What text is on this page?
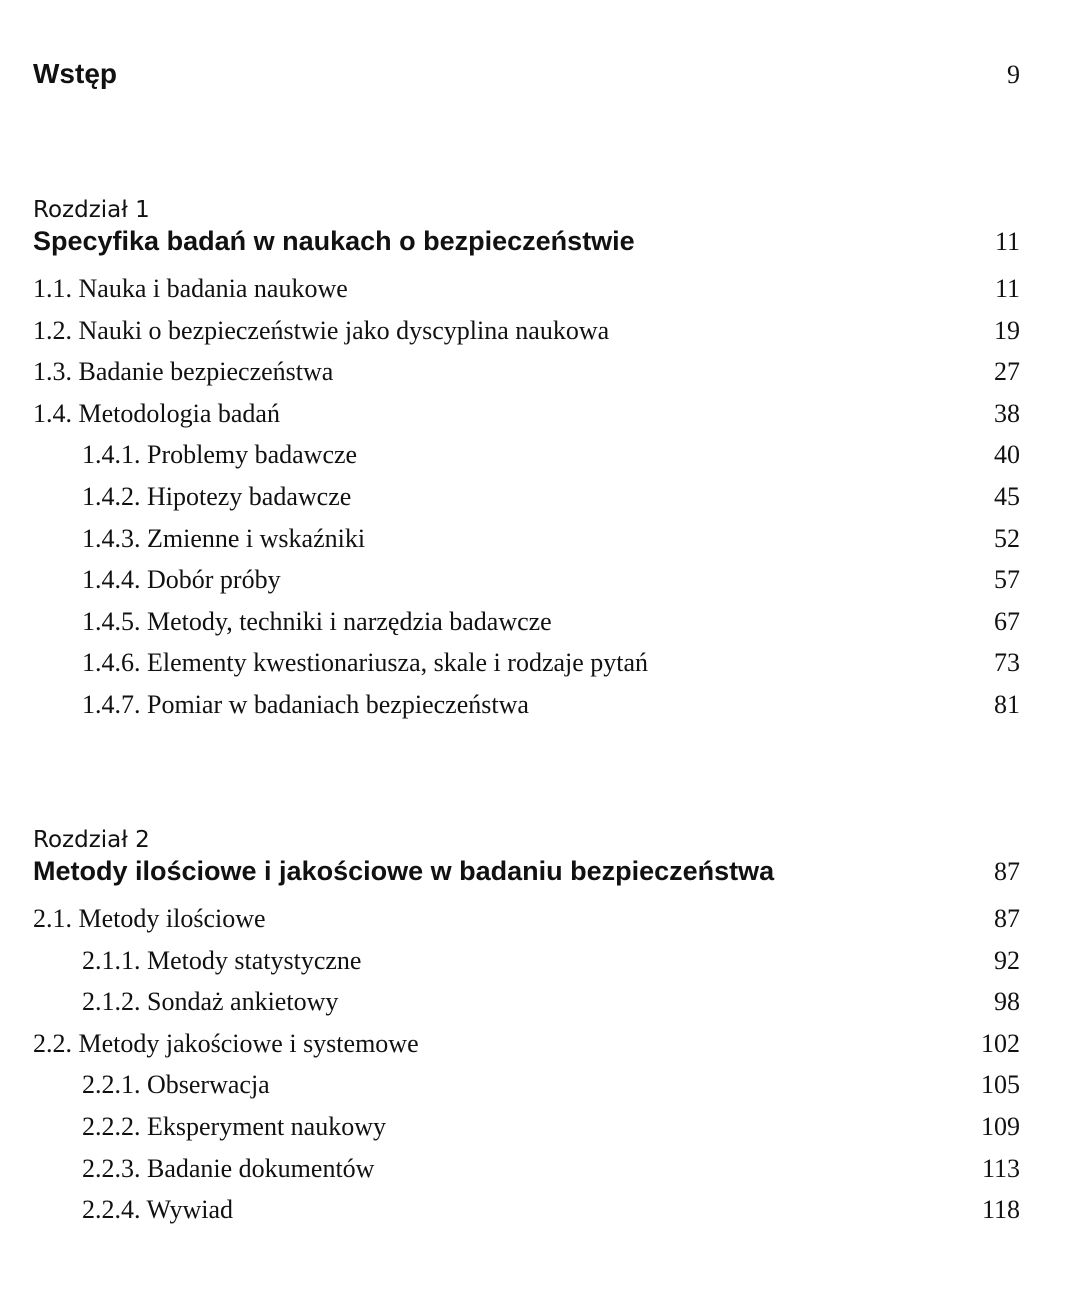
Wstęp	9
Rozdział 1
Specyfika badań w naukach o bezpieczeństwie	11
1.1. Nauka i badania naukowe	11
1.2. Nauki o bezpieczeństwie jako dyscyplina naukowa	19
1.3. Badanie bezpieczeństwa	27
1.4. Metodologia badań	38
1.4.1. Problemy badawcze	40
1.4.2. Hipotezy badawcze	45
1.4.3. Zmienne i wskaźniki	52
1.4.4. Dobór próby	57
1.4.5. Metody, techniki i narzędzia badawcze	67
1.4.6. Elementy kwestionariusza, skale i rodzaje pytań	73
1.4.7. Pomiar w badaniach bezpieczeństwa	81
Rozdział 2
Metody ilościowe i jakościowe w badaniu bezpieczeństwa	87
2.1. Metody ilościowe	87
2.1.1. Metody statystyczne	92
2.1.2. Sondaż ankietowy	98
2.2. Metody jakościowe i systemowe	102
2.2.1. Obserwacja	105
2.2.2. Eksperyment naukowy	109
2.2.3. Badanie dokumentów	113
2.2.4. Wywiad	118
